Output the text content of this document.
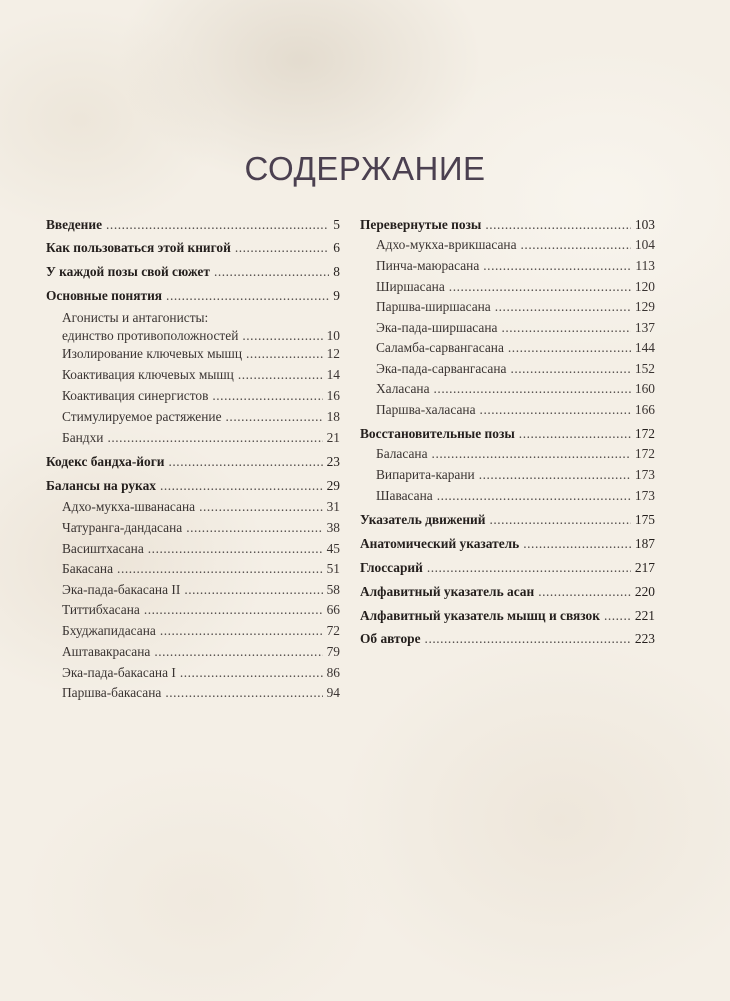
СОДЕРЖАНИЕ
Введение . . .	5
Как пользоваться этой книгой . . .	6
У каждой позы свой сюжет . . .	8
Основные понятия . . .	9
Агонисты и антагонисты:
единство противоположностей . . .	10
Изолирование ключевых мышц . . .	12
Коактивация ключевых мышц . . .	14
Коактивация синергистов . . .	16
Стимулируемое растяжение . . .	18
Бандхи . . .	21
Кодекс бандха-йоги . . .	23
Балансы на руках . . .	29
Адхо-мукха-шванасана . . .	31
Чатуранга-дандасана . . .	38
Васиштхасана . . .	45
Бакасана . . .	51
Эка-пада-бакасана II . . .	58
Титтибхасана . . .	66
Бхуджапидасана . . .	72
Аштавакрасана . . .	79
Эка-пада-бакасана I . . .	86
Паршва-бакасана . . .	94
Перевернутые позы . . .	103
Адхо-мукха-врикшасана . . .	104
Пинча-маюрасана . . .	113
Ширшасана . . .	120
Паршва-ширшасана . . .	129
Эка-пада-ширшасана . . .	137
Саламба-сарвангасана . . .	144
Эка-пада-сарвангасана . . .	152
Халасана . . .	160
Паршва-халасана . . .	166
Восстановительные позы . . .	172
Баласана . . .	172
Випарита-карани . . .	173
Шавасана . . .	173
Указатель движений . . .	175
Анатомический указатель . . .	187
Глоссарий . . .	217
Алфавитный указатель асан . . .	220
Алфавитный указатель мышц и связок . . .	221
Об авторе . . .	223
